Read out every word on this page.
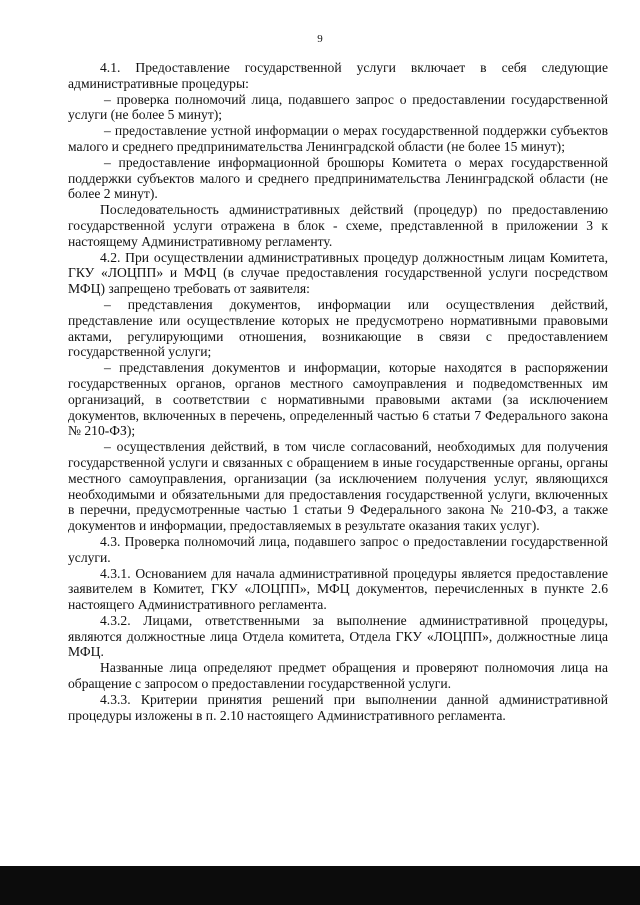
9

4.1. Предоставление государственной услуги включает в себя следующие административные процедуры:

– проверка полномочий лица, подавшего запрос о предоставлении государственной услуги (не более 5 минут);

– предоставление устной информации о мерах государственной поддержки субъектов малого и среднего предпринимательства Ленинградской области (не более 15 минут);

– предоставление информационной брошюры Комитета о мерах государственной поддержки субъектов малого и среднего предпринимательства Ленинградской области (не более 2 минут).

Последовательность административных действий (процедур) по предоставлению государственной услуги отражена в блок - схеме, представленной в приложении 3 к настоящему Административному регламенту.

4.2. При осуществлении административных процедур должностным лицам Комитета, ГКУ «ЛОЦПП» и МФЦ (в случае предоставления государственной услуги посредством МФЦ) запрещено требовать от заявителя:

– представления документов, информации или осуществления действий, представление или осуществление которых не предусмотрено нормативными правовыми актами, регулирующими отношения, возникающие в связи с предоставлением государственной услуги;

– представления документов и информации, которые находятся в распоряжении государственных органов, органов местного самоуправления и подведомственных им организаций, в соответствии с нормативными правовыми актами (за исключением документов, включенных в перечень, определенный частью 6 статьи 7 Федерального закона № 210-ФЗ);

– осуществления действий, в том числе согласований, необходимых для получения государственной услуги и связанных с обращением в иные государственные органы, органы местного самоуправления, организации (за исключением получения услуг, являющихся необходимыми и обязательными для предоставления государственной услуги, включенных в перечни, предусмотренные частью 1 статьи 9 Федерального закона № 210-ФЗ, а также документов и информации, предоставляемых в результате оказания таких услуг).

4.3. Проверка полномочий лица, подавшего запрос о предоставлении государственной услуги.

4.3.1. Основанием для начала административной процедуры является предоставление заявителем в Комитет, ГКУ «ЛОЦПП», МФЦ документов, перечисленных в пункте 2.6 настоящего Административного регламента.

4.3.2. Лицами, ответственными за выполнение административной процедуры, являются должностные лица Отдела комитета, Отдела ГКУ «ЛОЦПП», должностные лица МФЦ.

Названные лица определяют предмет обращения и проверяют полномочия лица на обращение с запросом о предоставлении государственной услуги.

4.3.3. Критерии принятия решений при выполнении данной административной процедуры изложены в п. 2.10 настоящего Административного регламента.
